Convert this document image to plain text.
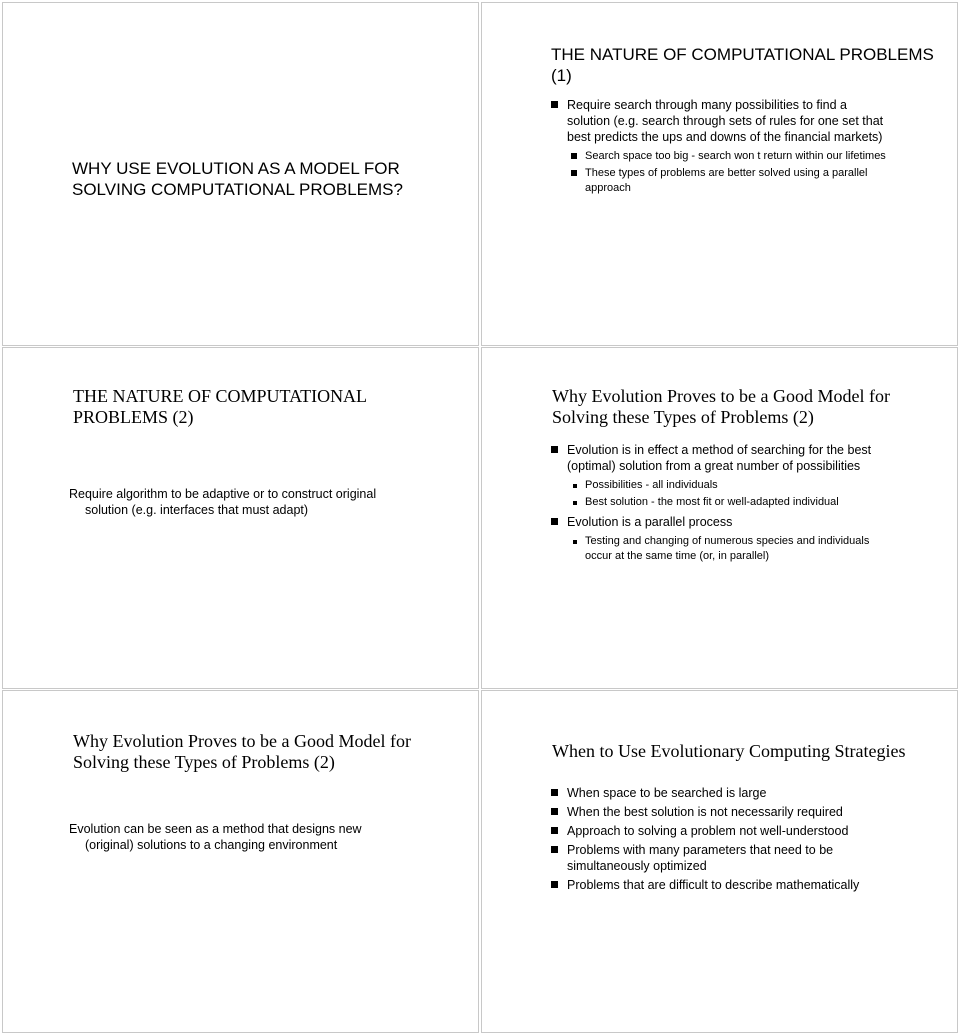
WHY USE EVOLUTION AS A MODEL FOR SOLVING COMPUTATIONAL PROBLEMS?
THE NATURE OF COMPUTATIONAL PROBLEMS (1)
Require search through many possibilities to find a solution (e.g. search through sets of rules for one set that best predicts the ups and downs of the financial markets)
Search space too big - search won t return within our lifetimes
These types of problems are better solved using a parallel approach
THE NATURE OF COMPUTATIONAL PROBLEMS (2)

Require algorithm to be adaptive or to construct original solution (e.g. interfaces that must adapt)

Why Evolution Proves to be a Good Model for Solving these Types of Problems (2)
Evolution is in effect a method of searching for the best (optimal) solution from a great number of possibilities
Possibilities - all individuals
Best solution - the most fit or well-adapted individual
Evolution is a parallel process
Testing and changing of numerous species and individuals occur at the same time (or, in parallel)
Why Evolution Proves to be a Good Model for Solving these Types of Problems (2)

Evolution can be seen as a method that designs new (original) solutions to a changing environment

When to Use Evolutionary Computing Strategies
When space to be searched is large
When the best solution is not necessarily required
Approach to solving a problem not well-understood
Problems with many parameters that need to be simultaneously optimized
Problems that are difficult to describe mathematically
